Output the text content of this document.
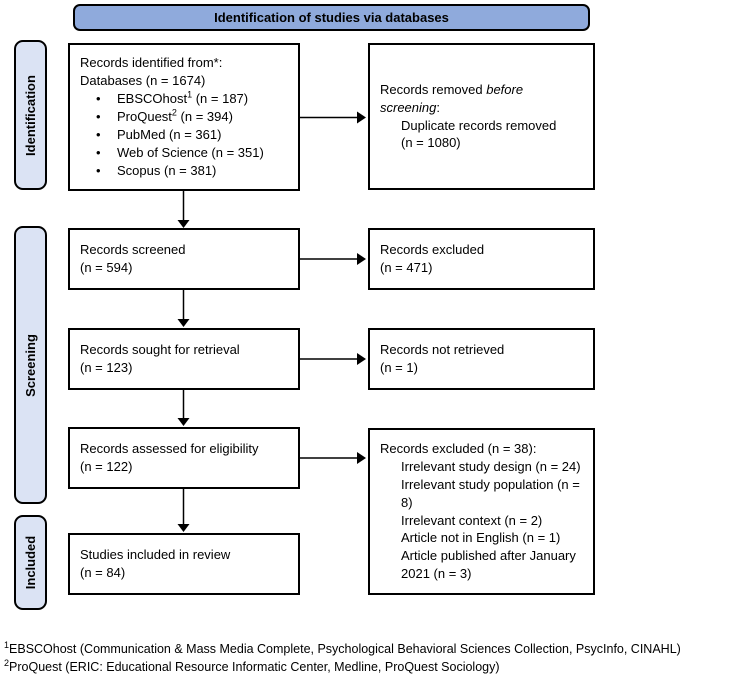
Identification of studies via databases
Identification
Screening
Included
Records identified from*:
Databases (n = 1674)
•	EBSCOhost$^1$ (n = 187)
•	ProQuest$^2$ (n = 394)
•	PubMed (n = 361)
•	Web of Science (n = 351)
•	Scopus (n = 381)
Records removed before screening:
Duplicate records removed
(n = 1080)
Records screened
(n = 594)
Records excluded
(n = 471)
Records sought for retrieval
(n = 123)
Records not retrieved
(n = 1)
Records assessed for eligibility
(n = 122)
Records excluded (n = 38):
Irrelevant study design (n = 24)
Irrelevant study population (n = 8)
Irrelevant context (n = 2)
Article not in English (n = 1)
Article published after January 2021 (n = 3)
Studies included in review
(n = 84)
$^1$EBSCOhost (Communication & Mass Media Complete, Psychological Behavioral Sciences Collection, PsycInfo, CINAHL)
$^2$ProQuest (ERIC: Educational Resource Informatic Center, Medline, ProQuest Sociology)
